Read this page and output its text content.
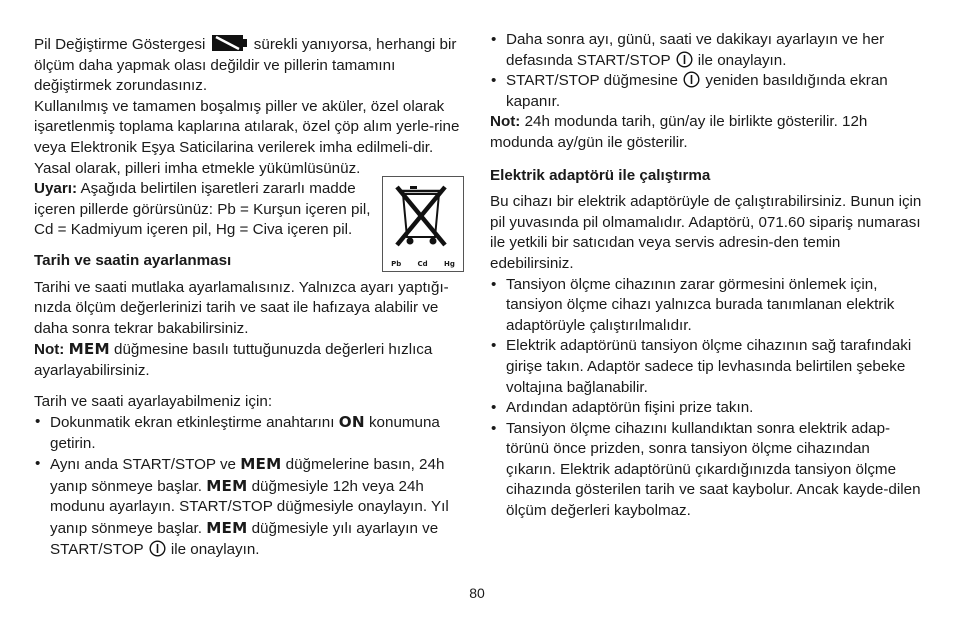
Pil Değiştirme Göstergesi	sürekli yanıyorsa, herhangi bir ölçüm daha yapmak olası değildir ve pillerin tamamını değiştirmek zorundasınız.

Kullanılmış ve tamamen boşalmış piller ve aküler, özel olarak işaretlenmiş toplama kaplarına atılarak, özel çöp alım yerle-rine veya Elektronik Eşya Saticilarina verilerek imha edilmeli-dir. Yasal olarak, pilleri imha etmekle yükümlüsünüz.

Uyarı: Aşağıda belirtilen işaretleri zararlı madde içeren pillerde görürsünüz: Pb = Kurşun içeren pil, Cd = Kadmiyum içeren pil, Hg = Civa içeren pil.

Pb Cd Hg

Tarih ve saatin ayarlanması

Tarihi ve saati mutlaka ayarlamalısınız. Yalnızca ayarı yaptığı-nızda ölçüm değerlerinizi tarih ve saat ile hafızaya alabilir ve daha sonra tekrar bakabilirsiniz.

Not: MEM düğmesine basılı tuttuğunuzda değerleri hızlıca ayarlayabilirsiniz.

Tarih ve saati ayarlayabilmeniz için:

• Dokunmatik ekran etkinleştirme anahtarını ON konumuna getirin.
• Aynı anda START/STOP ve MEM düğmelerine basın, 24h yanıp sönmeye başlar. MEM düğmesiyle 12h veya 24h modunu ayarlayın. START/STOP düğmesiyle onaylayın. Yıl yanıp sönmeye başlar. MEM düğmesiyle yılı ayarlayın ve START/STOP  ile onaylayın.
• Daha sonra ayı, günü, saati ve dakikayı ayarlayın ve her defasında START/STOP  ile onaylayın.
• START/STOP düğmesine  yeniden basıldığında ekran kapanır.

Not: 24h modunda tarih, gün/ay ile birlikte gösterilir. 12h modunda ay/gün ile gösterilir.

Elektrik adaptörü ile çalıştırma

Bu cihazı bir elektrik adaptörüyle de çalıştırabilirsiniz. Bunun için pil yuvasında pil olmamalıdır. Adaptörü, 071.60 sipariş numarası ile yetkili bir satıcıdan veya servis adresin-den temin edebilirsiniz.

• Tansiyon ölçme cihazının zarar görmesini önlemek için, tansiyon ölçme cihazı yalnızca burada tanımlanan elektrik adaptörüyle çalıştırılmalıdır.
• Elektrik adaptörünü tansiyon ölçme cihazının sağ tarafındaki girişe takın. Adaptör sadece tip levhasında belirtilen şebeke voltajına bağlanabilir.
• Ardından adaptörün fişini prize takın.
• Tansiyon ölçme cihazını kullandıktan sonra elektrik adap-törünü önce prizden, sonra tansiyon ölçme cihazından çıkarın. Elektrik adaptörünü çıkardığınızda tansiyon ölçme cihazında gösterilen tarih ve saat kaybolur. Ancak kayde-dilen ölçüm değerleri kaybolmaz.
80
